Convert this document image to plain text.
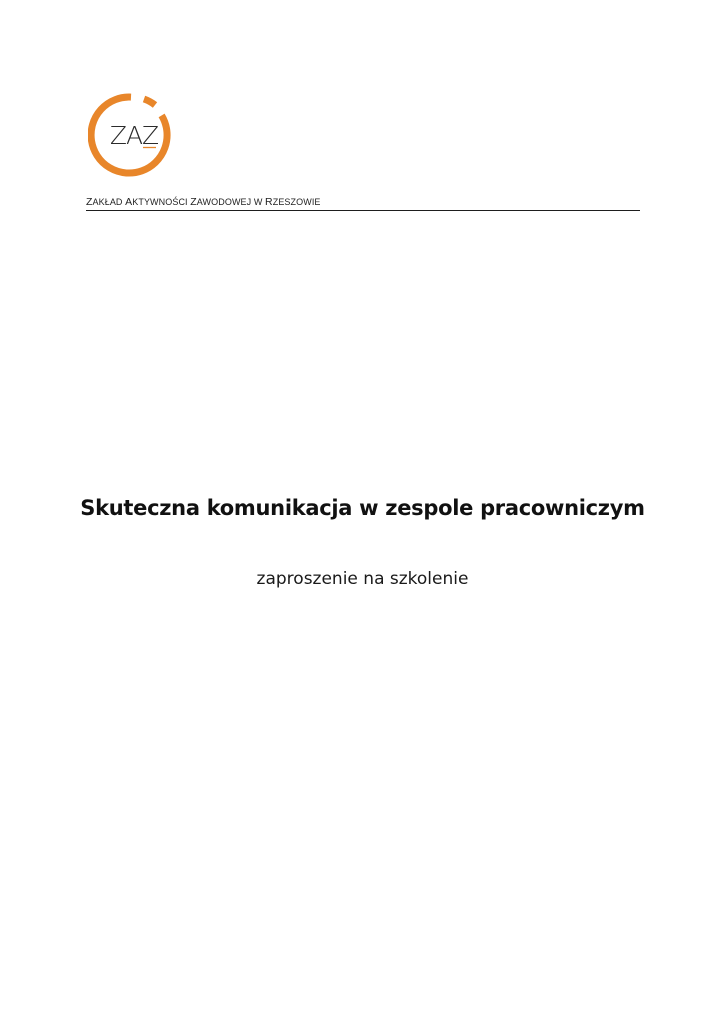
ZAZ
ZAKŁAD AKTYWNOŚCI ZAWODOWEJ W RZESZOWIE
Skuteczna komunikacja w zespole pracowniczym
zaproszenie na szkolenie
